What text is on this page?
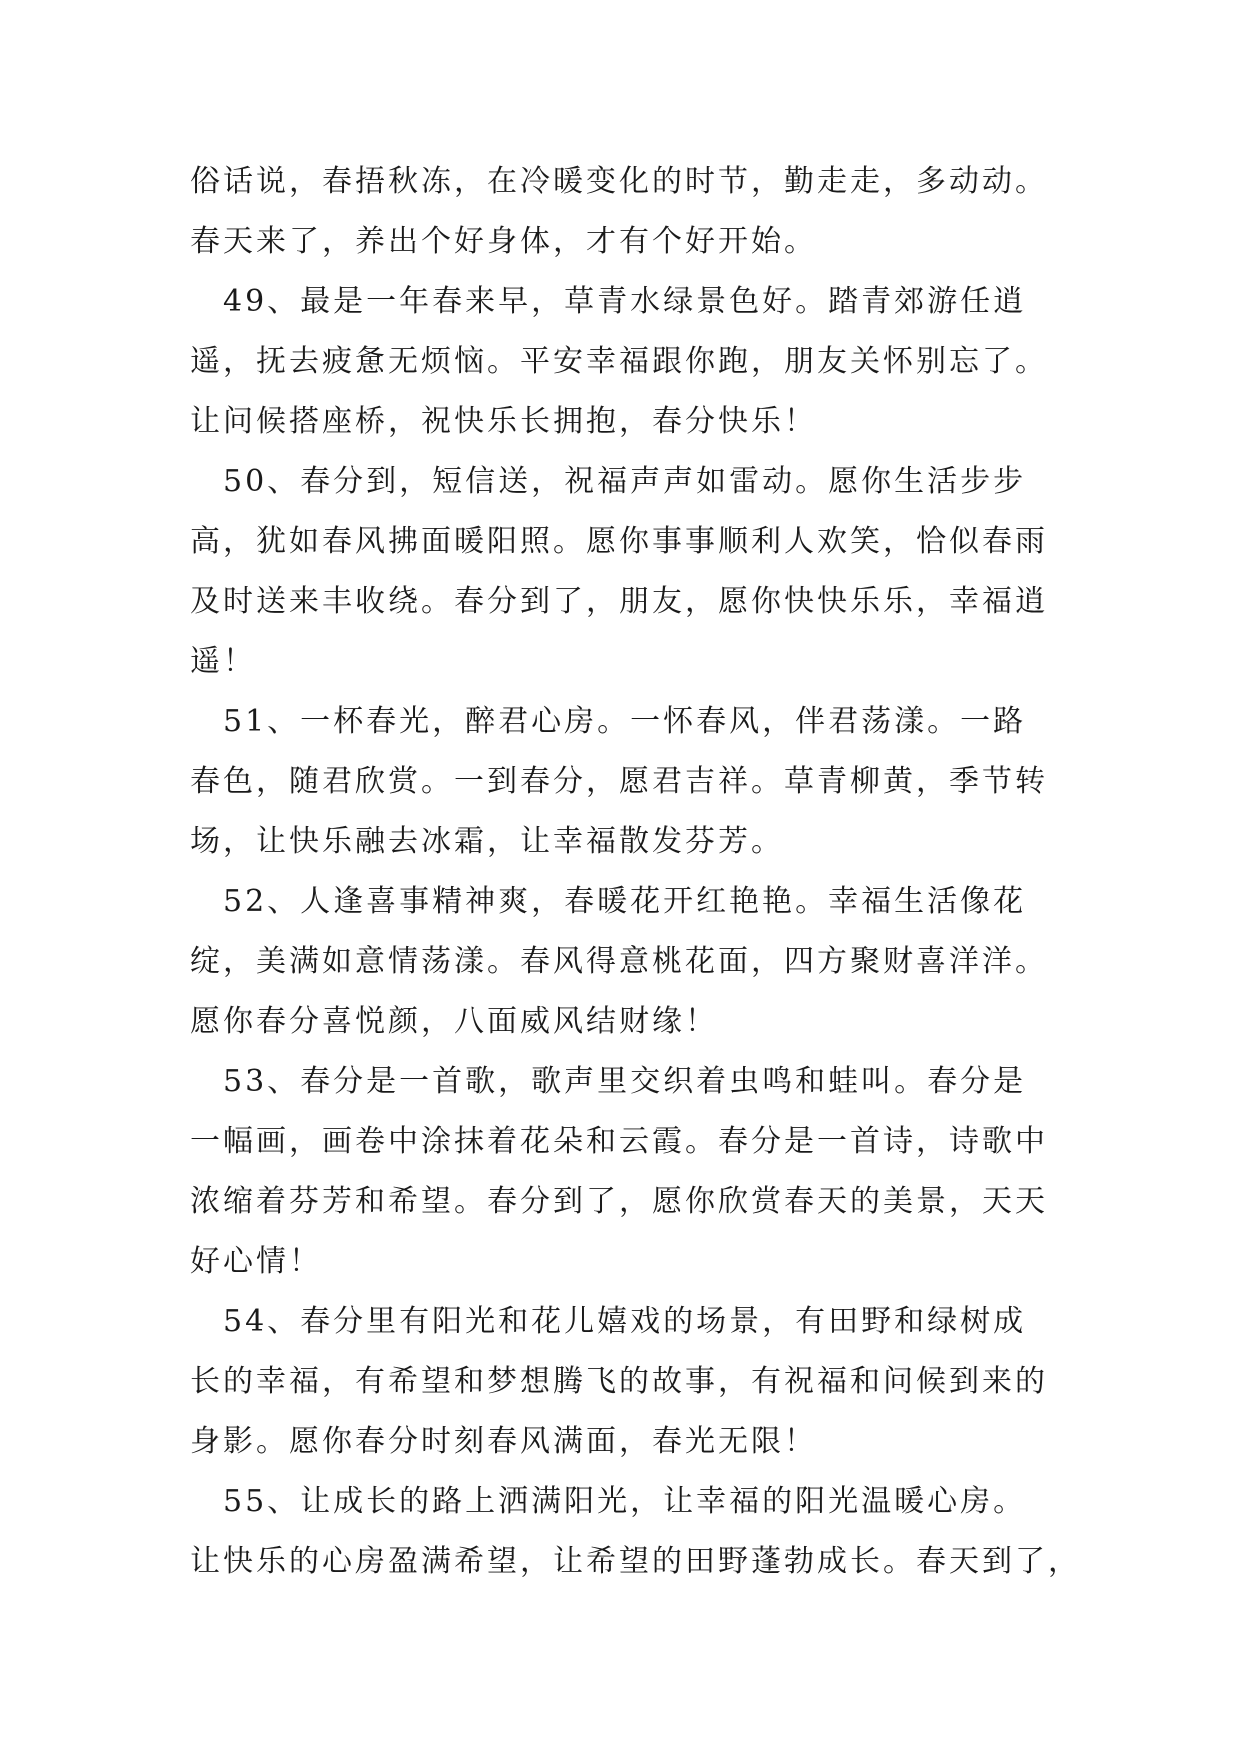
俗话说，春捂秋冻，在冷暖变化的时节，勤走走，多动动。
春天来了，养出个好身体，才有个好开始。
　49、最是一年春来早，草青水绿景色好。踏青郊游任逍
遥，抚去疲惫无烦恼。平安幸福跟你跑，朋友关怀别忘了。
让问候搭座桥，祝快乐长拥抱，春分快乐！
　50、春分到，短信送，祝福声声如雷动。愿你生活步步
高，犹如春风拂面暖阳照。愿你事事顺利人欢笑，恰似春雨
及时送来丰收绕。春分到了，朋友，愿你快快乐乐，幸福逍
遥！
　51、一杯春光，醉君心房。一怀春风，伴君荡漾。一路
春色，随君欣赏。一到春分，愿君吉祥。草青柳黄，季节转
场，让快乐融去冰霜，让幸福散发芬芳。
　52、人逢喜事精神爽，春暖花开红艳艳。幸福生活像花
绽，美满如意情荡漾。春风得意桃花面，四方聚财喜洋洋。
愿你春分喜悦颜，八面威风结财缘！
　53、春分是一首歌，歌声里交织着虫鸣和蛙叫。春分是
一幅画，画卷中涂抹着花朵和云霞。春分是一首诗，诗歌中
浓缩着芬芳和希望。春分到了，愿你欣赏春天的美景，天天
好心情！
　54、春分里有阳光和花儿嬉戏的场景，有田野和绿树成
长的幸福，有希望和梦想腾飞的故事，有祝福和问候到来的
身影。愿你春分时刻春风满面，春光无限！
　55、让成长的路上洒满阳光，让幸福的阳光温暖心房。
让快乐的心房盈满希望，让希望的田野蓬勃成长。春天到了，
